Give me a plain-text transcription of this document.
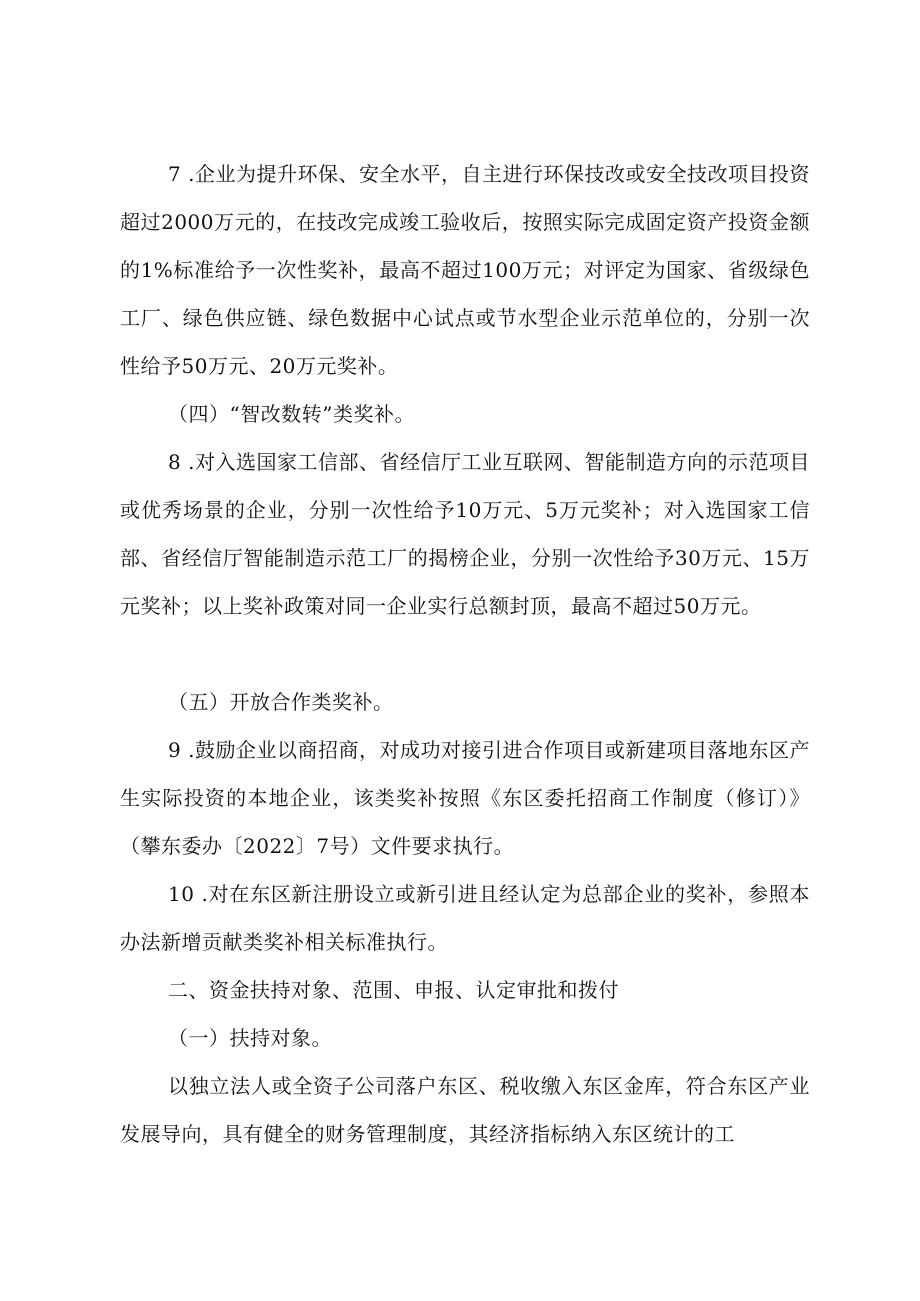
7 .企业为提升环保、安全水平，自主进行环保技改或安全技改项目投资超过2000万元的，在技改完成竣工验收后，按照实际完成固定资产投资金额的1%标准给予一次性奖补，最高不超过100万元；对评定为国家、省级绿色工厂、绿色供应链、绿色数据中心试点或节水型企业示范单位的，分别一次性给予50万元、20万元奖补。

（四）“智改数转”类奖补。

8 .对入选国家工信部、省经信厅工业互联网、智能制造方向的示范项目或优秀场景的企业，分别一次性给予10万元、5万元奖补；对入选国家工信部、省经信厅智能制造示范工厂的揭榜企业，分别一次性给予30万元、15万元奖补；以上奖补政策对同一企业实行总额封顶，最高不超过50万元。

（五）开放合作类奖补。

9 .鼓励企业以商招商，对成功对接引进合作项目或新建项目落地东区产生实际投资的本地企业，该类奖补按照《东区委托招商工作制度（修订）》（攀东委办〔2022〕7号）文件要求执行。

10 .对在东区新注册设立或新引进且经认定为总部企业的奖补，参照本办法新增贡献类奖补相关标准执行。

二、资金扶持对象、范围、申报、认定审批和拨付

（一）扶持对象。

以独立法人或全资子公司落户东区、税收缴入东区金库，符合东区产业发展导向，具有健全的财务管理制度，其经济指标纳入东区统计的工
